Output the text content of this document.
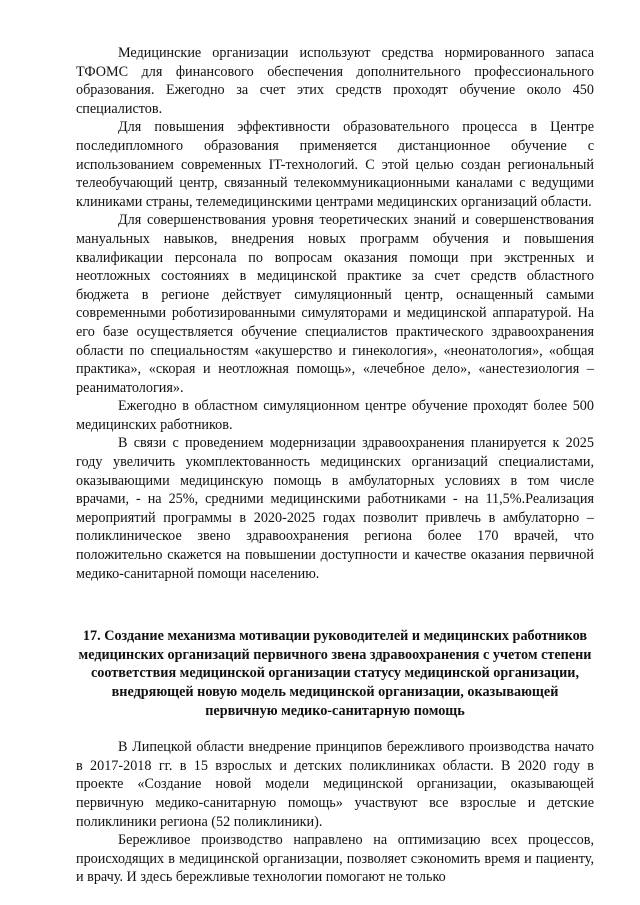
Медицинские организации используют средства нормированного запаса ТФОМС для финансового обеспечения дополнительного профессионального образования. Ежегодно за счет этих средств проходят обучение около 450 специалистов.

Для повышения эффективности образовательного процесса в Центре последипломного образования применяется дистанционное обучение с использованием современных IT-технологий. С этой целью создан региональный телеобучающий центр, связанный телекоммуникационными каналами с ведущими клиниками страны, телемедицинскими центрами медицинских организаций области.

Для совершенствования уровня теоретических знаний и совершенствования мануальных навыков, внедрения новых программ обучения и повышения квалификации персонала по вопросам оказания помощи при экстренных и неотложных состояниях в медицинской практике за счет средств областного бюджета в регионе действует симуляционный центр, оснащенный самыми современными роботизированными симуляторами и медицинской аппаратурой. На его базе осуществляется обучение специалистов практического здравоохранения области по специальностям «акушерство и гинекология», «неонатология», «общая практика», «скорая и неотложная помощь», «лечебное дело», «анестезиология – реаниматология».

Ежегодно в областном симуляционном центре обучение проходят более 500 медицинских работников.

В связи с проведением модернизации здравоохранения планируется к 2025 году увеличить укомплектованность медицинских организаций специалистами, оказывающими медицинскую помощь в амбулаторных условиях в том числе врачами, - на 25%, средними медицинскими работниками - на 11,5%.Реализация мероприятий программы в 2020-2025 годах позволит привлечь в амбулаторно – поликлиническое звено здравоохранения региона более 170 врачей, что положительно скажется на повышении доступности и качестве оказания первичной медико-санитарной помощи населению.

17. Создание механизма мотивации руководителей и медицинских работников медицинских организаций первичного звена здравоохранения с учетом степени соответствия медицинской организации статусу медицинской организации, внедряющей новую модель медицинской организации, оказывающей первичную медико-санитарную помощь

В Липецкой области внедрение принципов бережливого производства начато в 2017-2018 гг. в 15 взрослых и детских поликлиниках области. В 2020 году в проекте «Создание новой модели медицинской организации, оказывающей первичную медико-санитарную помощь» участвуют все взрослые и детские поликлиники региона (52 поликлиники).

Бережливое производство направлено на оптимизацию всех процессов, происходящих в медицинской организации, позволяет сэкономить время и пациенту, и врачу. И здесь бережливые технологии помогают не только
